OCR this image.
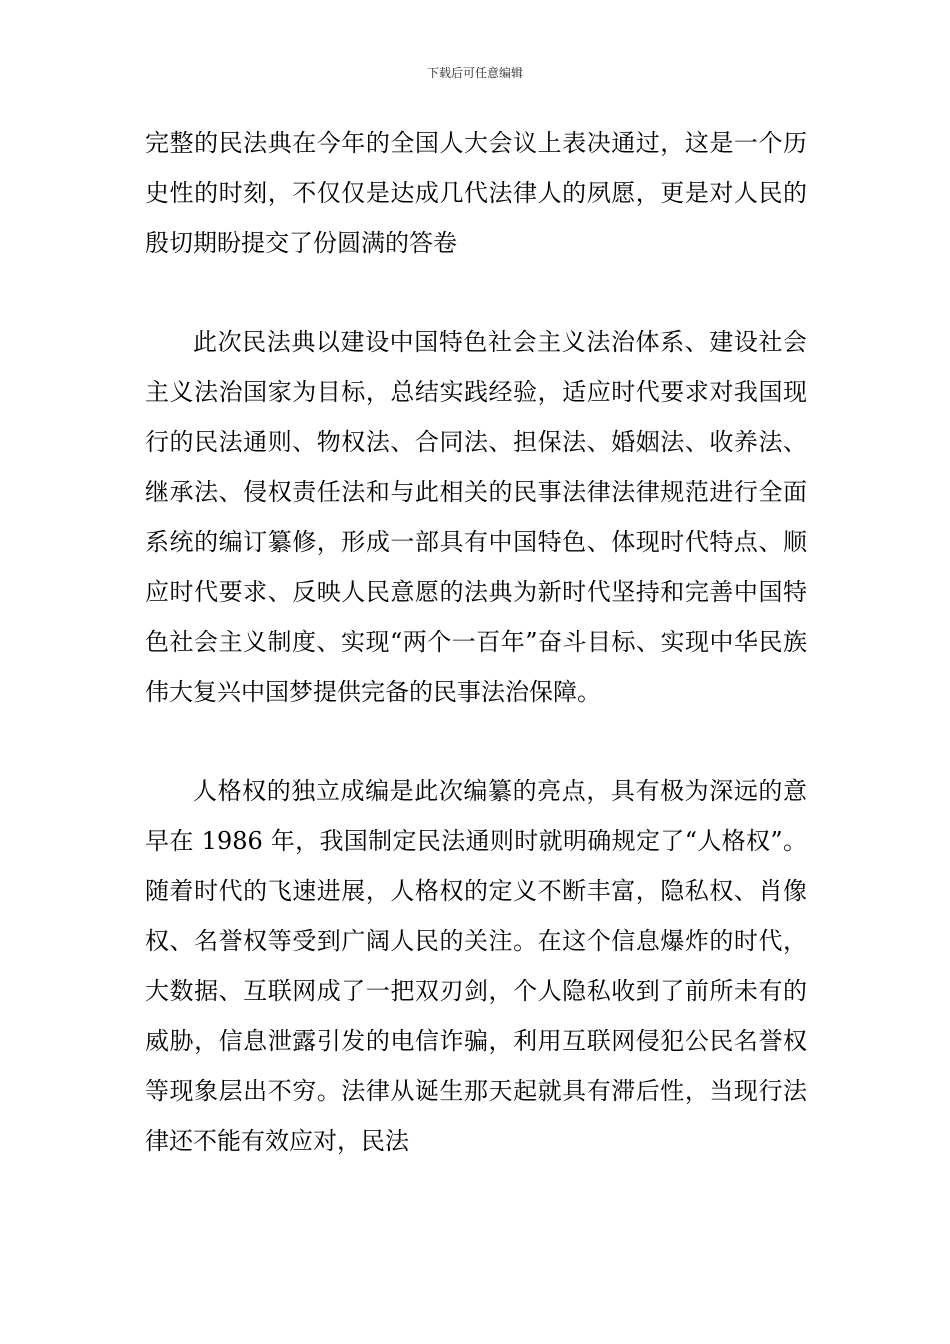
下载后可任意编辑

完整的民法典在今年的全国人大会议上表决通过，这是一个历史性的时刻，不仅仅是达成几代法律人的夙愿，更是对人民的殷切期盼提交了份圆满的答卷

此次民法典以建设中国特色社会主义法治体系、建设社会主义法治国家为目标，总结实践经验，适应时代要求对我国现行的民法通则、物权法、合同法、担保法、婚姻法、收养法、继承法、侵权责任法和与此相关的民事法律法律规范进行全面系统的编订纂修，形成一部具有中国特色、体现时代特点、顺应时代要求、反映人民意愿的法典为新时代坚持和完善中国特色社会主义制度、实现“两个一百年”奋斗目标、实现中华民族伟大复兴中国梦提供完备的民事法治保障。

人格权的独立成编是此次编纂的亮点，具有极为深远的意早在 1986 年，我国制定民法通则时就明确规定了“人格权”。随着时代的飞速进展，人格权的定义不断丰富，隐私权、肖像权、名誉权等受到广阔人民的关注。在这个信息爆炸的时代，大数据、互联网成了一把双刃剑，个人隐私收到了前所未有的威胁，信息泄露引发的电信诈骗，利用互联网侵犯公民名誉权等现象层出不穷。法律从诞生那天起就具有滞后性，当现行法律还不能有效应对，民法
